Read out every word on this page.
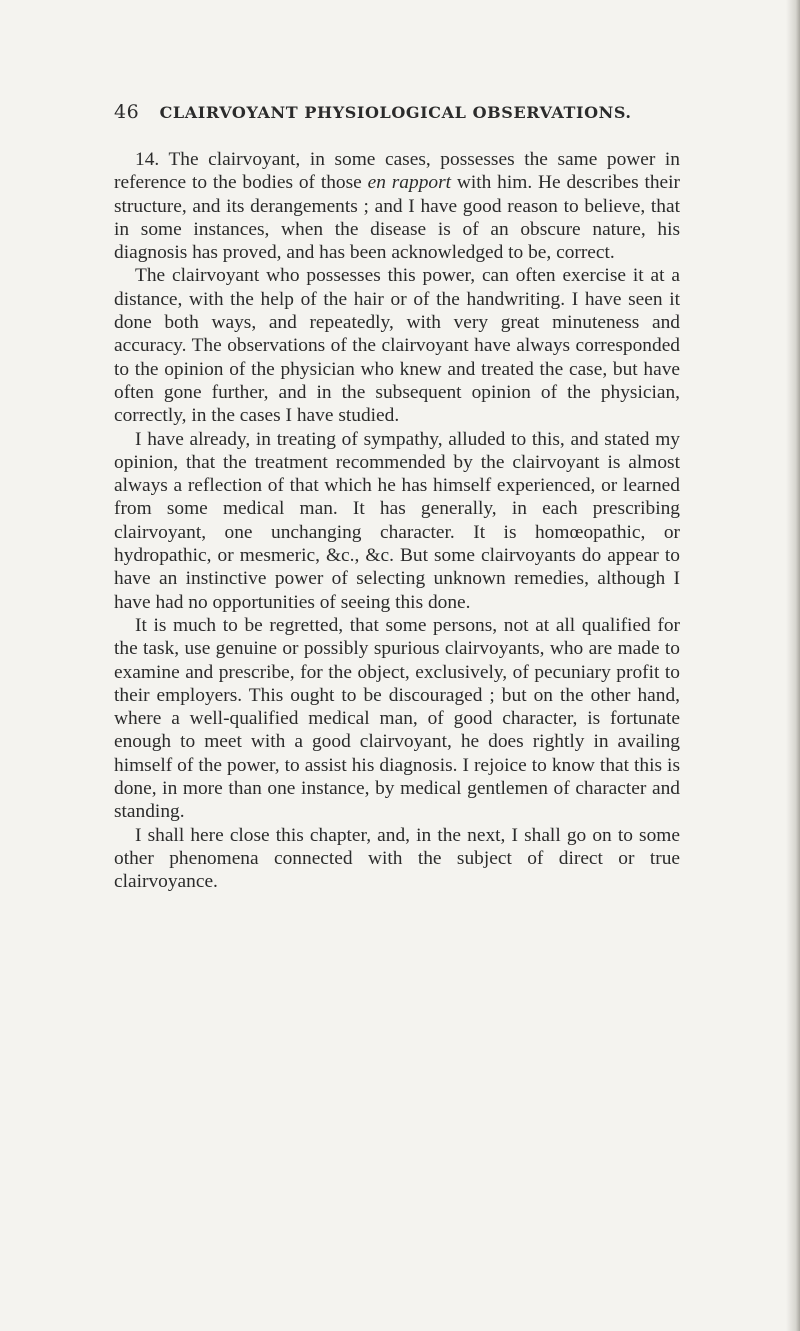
46 CLAIRVOYANT PHYSIOLOGICAL OBSERVATIONS.

14. The clairvoyant, in some cases, possesses the same power in reference to the bodies of those en rapport with him. He describes their structure, and its derangements ; and I have good reason to believe, that in some instances, when the disease is of an obscure nature, his diagnosis has proved, and has been acknowledged to be, correct.

The clairvoyant who possesses this power, can often exercise it at a distance, with the help of the hair or of the handwriting. I have seen it done both ways, and repeatedly, with very great minuteness and accuracy. The observations of the clairvoyant have always corresponded to the opinion of the physician who knew and treated the case, but have often gone further, and in the subsequent opinion of the physician, correctly, in the cases I have studied.

I have already, in treating of sympathy, alluded to this, and stated my opinion, that the treatment recommended by the clairvoyant is almost always a reflection of that which he has himself experienced, or learned from some medical man. It has generally, in each prescribing clairvoyant, one unchanging character. It is homœopathic, or hydropathic, or mesmeric, &c., &c. But some clairvoyants do appear to have an instinctive power of selecting unknown remedies, although I have had no opportunities of seeing this done.

It is much to be regretted, that some persons, not at all qualified for the task, use genuine or possibly spurious clairvoyants, who are made to examine and prescribe, for the object, exclusively, of pecuniary profit to their employers. This ought to be discouraged ; but on the other hand, where a well-qualified medical man, of good character, is fortunate enough to meet with a good clairvoyant, he does rightly in availing himself of the power, to assist his diagnosis. I rejoice to know that this is done, in more than one instance, by medical gentlemen of character and standing.

I shall here close this chapter, and, in the next, I shall go on to some other phenomena connected with the subject of direct or true clairvoyance.
